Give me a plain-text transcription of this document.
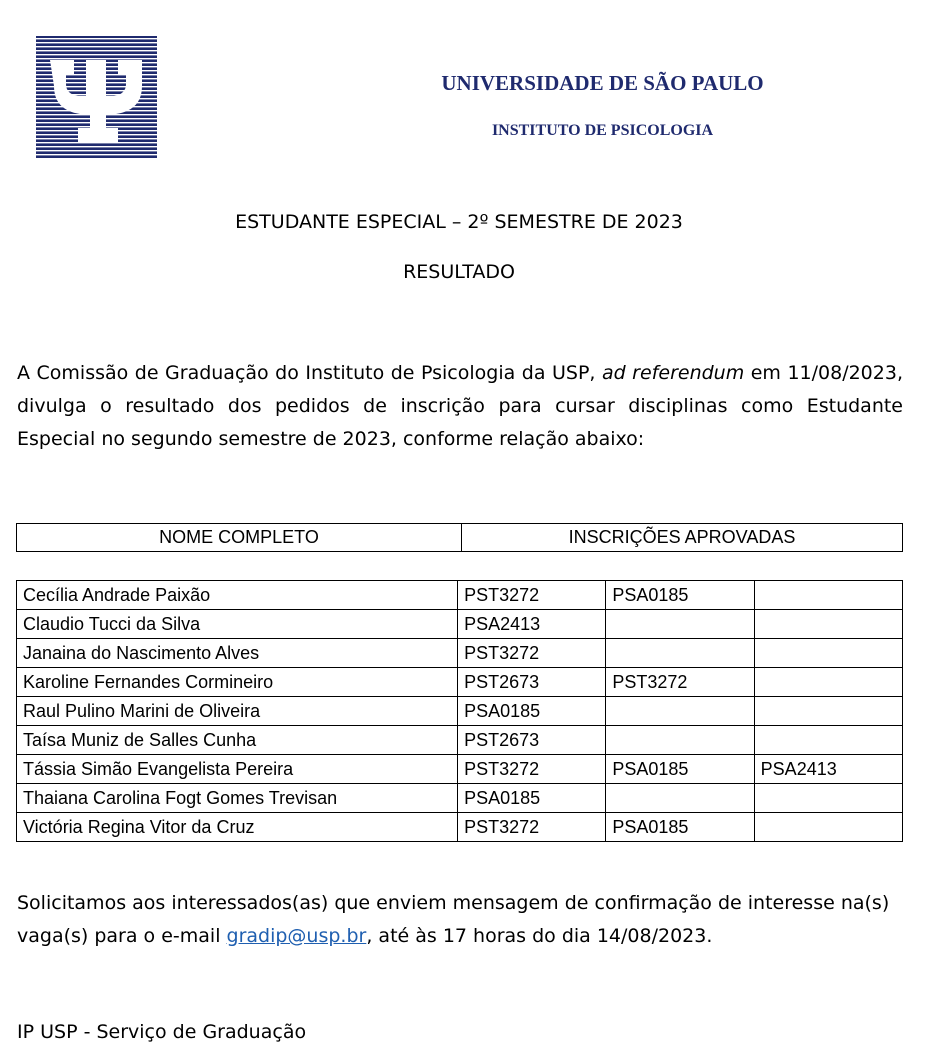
UNIVERSIDADE DE SÃO PAULO
INSTITUTO DE PSICOLOGIA
ESTUDANTE ESPECIAL – 2º SEMESTRE DE 2023
RESULTADO
A Comissão de Graduação do Instituto de Psicologia da USP, ad referendum em 11/08/2023, divulga o resultado dos pedidos de inscrição para cursar disciplinas como Estudante Especial no segundo semestre de 2023, conforme relação abaixo:
NOME COMPLETO	INSCRIÇÕES APROVADAS
Cecília Andrade Paixão	PST3272	PSA0185	
Claudio Tucci da Silva	PSA2413		
Janaina do Nascimento Alves	PST3272		
Karoline Fernandes Cormineiro	PST2673	PST3272	
Raul Pulino Marini de Oliveira	PSA0185		
Taísa Muniz de Salles Cunha	PST2673		
Tássia Simão Evangelista Pereira	PST3272	PSA0185	PSA2413
Thaiana Carolina Fogt Gomes Trevisan	PSA0185		
Victória Regina Vitor da Cruz	PST3272	PSA0185	
Solicitamos aos interessados(as) que enviem mensagem de confirmação de interesse na(s) vaga(s) para o e-mail gradip@usp.br, até às 17 horas do dia 14/08/2023.
IP USP - Serviço de Graduação
